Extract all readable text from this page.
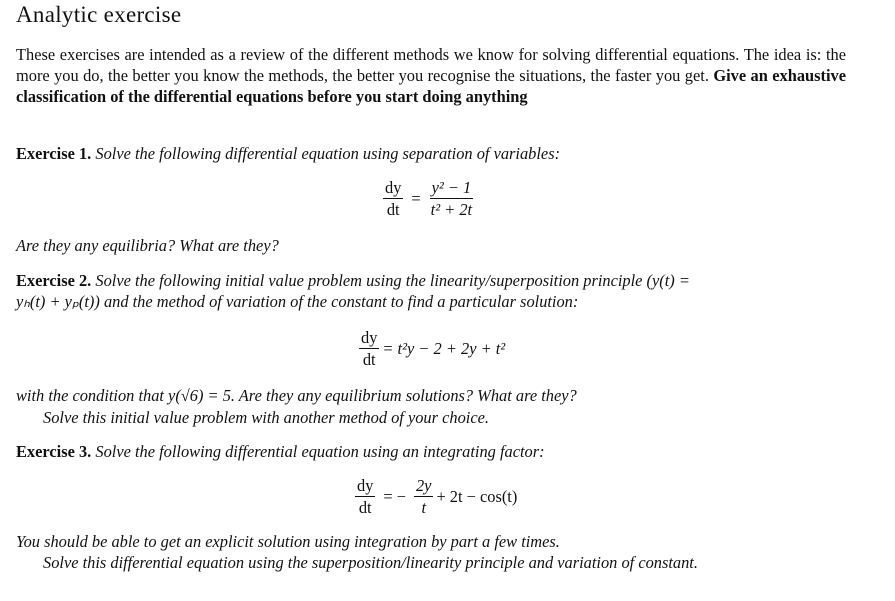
Analytic exercise
These exercises are intended as a review of the different methods we know for solving differential equations. The idea is: the more you do, the better you know the methods, the better you recognise the situations, the faster you get. Give an exhaustive classification of the differential equations before you start doing anything
Exercise 1. Solve the following differential equation using separation of variables:
$\frac{dy}{dt} = \frac{\text{y² − 1}}{\text{t² + 2t}}$
Are they any equilibria? What are they?
Exercise 2. Solve the following initial value problem using the linearity/superposition principle (y(t) =
yₕ(t) + yₚ(t)) and the method of variation of the constant to find a particular solution:
$\frac{dy}{dt} = t^2y - 2 + 2y + t^2$
with the condition that y(√6) = 5. Are they any equilibrium solutions? What are they?
Solve this initial value problem with another method of your choice.
Exercise 3. Solve the following differential equation using an integrating factor:
$\frac{dy}{dt}$ = − $\frac{2y}{t} + 2t - \cos(t)$
You should be able to get an explicit solution using integration by part a few times.
Solve this differential equation using the superposition/linearity principle and variation of constant.
